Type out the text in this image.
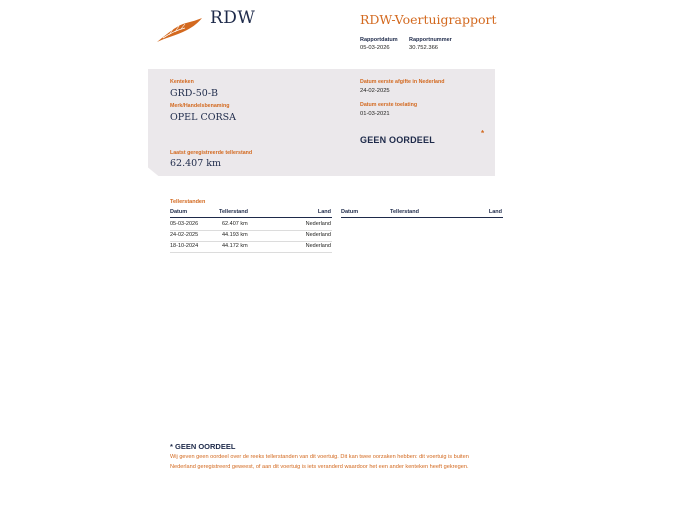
RDW	RDW-Voertuigrapport
Rapportdatum
05-03-2026
Rapportnummer
30.752.366
Kenteken
GRD-50-B
Merk/Handelsbenaming
OPEL CORSA
Laatst geregistreerde tellerstand
62.407 km
Datum eerste afgifte in Nederland
24-02-2025
Datum eerste toelating
01-03-2021
GEEN OORDEEL
*
Tellerstanden
Datum	Tellerstand	Land Datum	Tellerstand	Land
05-03-2026	62.407 km	Nederland
24-02-2025	44.193 km	Nederland
18-10-2024	44.172 km	Nederland
* GEEN OORDEEL
Wij geven geen oordeel over de reeks tellerstanden van dit voertuig. Dit kan twee oorzaken hebben: dit voertuig is buiten Nederland geregistreerd geweest, of aan dit voertuig is iets veranderd waardoor het een ander kenteken heeft gekregen.
